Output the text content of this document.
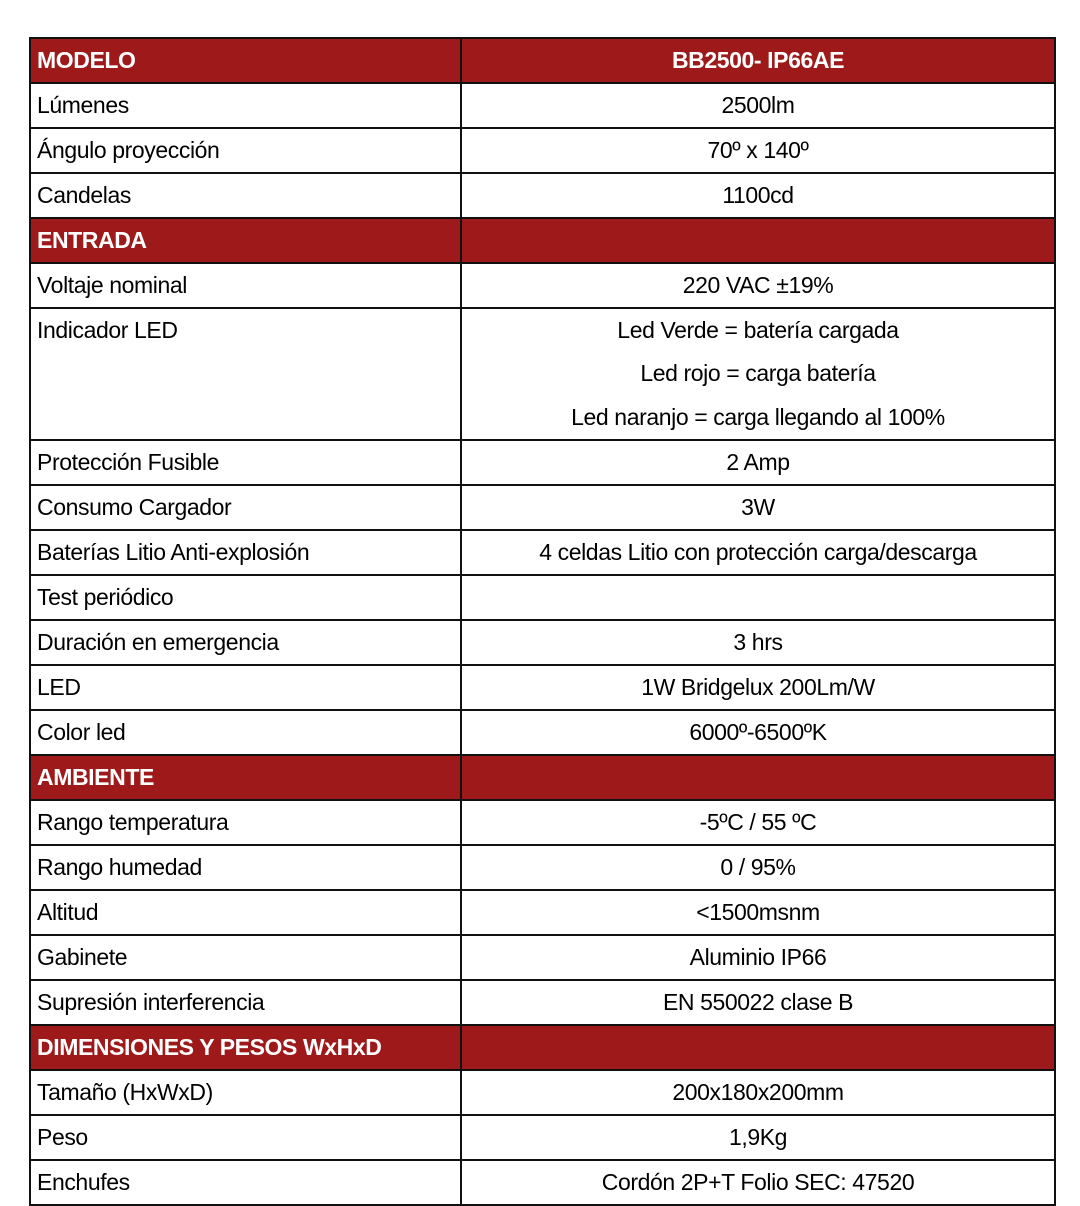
MODELO	BB2500- IP66AE
Lúmenes	2500lm
Ángulo proyección	70º x 140º
Candelas	1100cd
ENTRADA	
Voltaje nominal	220 VAC ±19%
Indicador LED	Led Verde = batería cargada
Led rojo = carga batería
Led naranjo = carga llegando al 100%

Protección Fusible	2 Amp
Consumo Cargador	3W
Baterías Litio Anti-explosión	4 celdas Litio con protección carga/descarga
Test periódico	
Duración en emergencia	3 hrs
LED	1W Bridgelux 200Lm/W
Color led	6000º-6500ºK
AMBIENTE	
Rango temperatura	-5ºC / 55 ºC
Rango humedad	0 / 95%
Altitud	<1500msnm
Gabinete	Aluminio IP66
Supresión interferencia	EN 550022 clase B
DIMENSIONES Y PESOS WxHxD	
Tamaño (HxWxD)	200x180x200mm
Peso	1,9Kg
Enchufes	Cordón 2P+T Folio SEC: 47520
